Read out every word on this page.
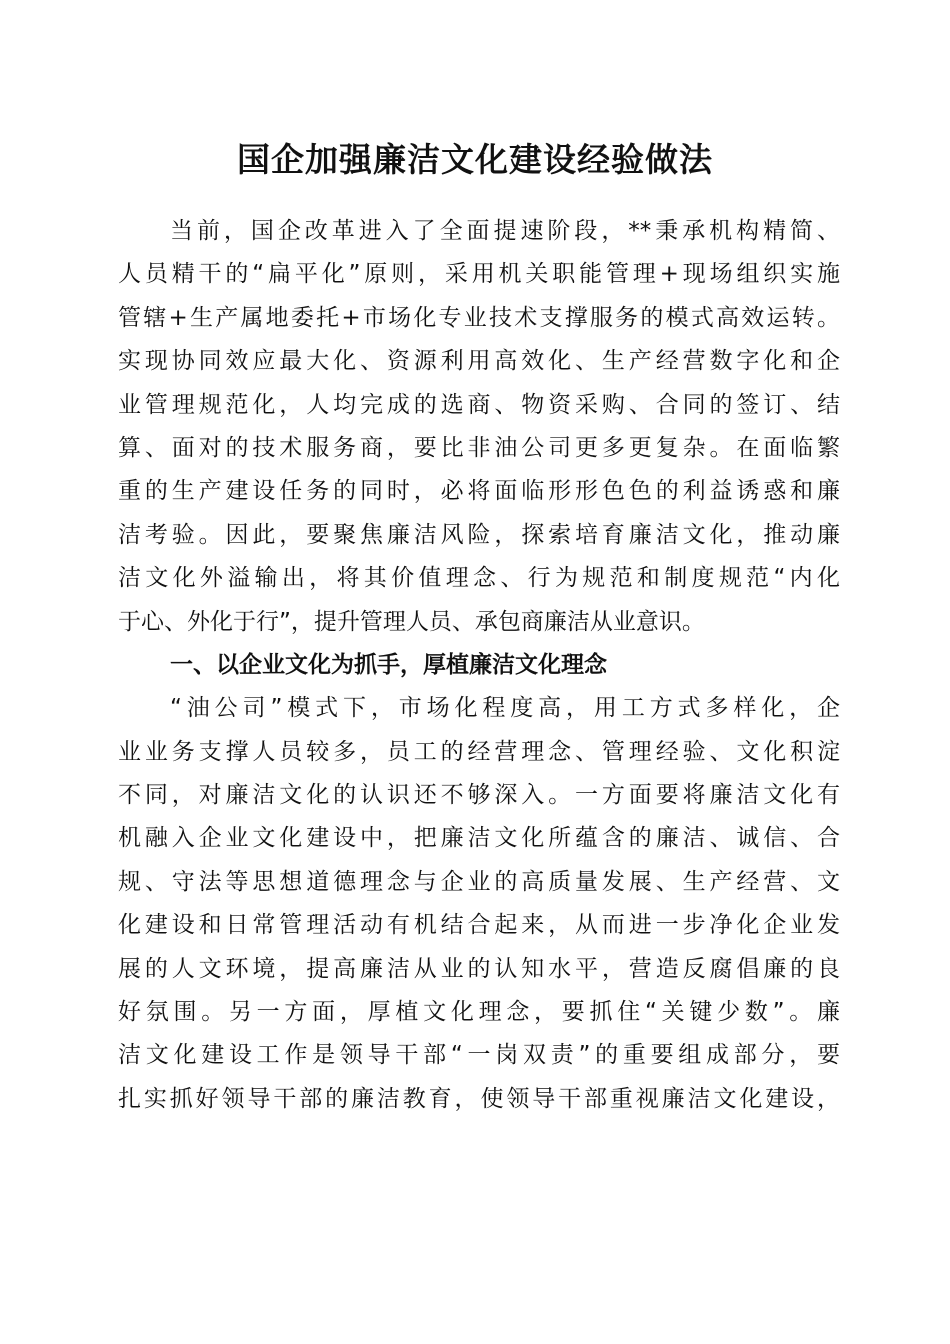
国企加强廉洁文化建设经验做法
当前，国企改革进入了全面提速阶段，**秉承机构精简、
人员精干的“扁平化”原则，采用机关职能管理+现场组织实施
管辖+生产属地委托+市场化专业技术支撑服务的模式高效运转。
实现协同效应最大化、资源利用高效化、生产经营数字化和企
业管理规范化，人均完成的选商、物资采购、合同的签订、结
算、面对的技术服务商，要比非油公司更多更复杂。在面临繁
重的生产建设任务的同时，必将面临形形色色的利益诱惑和廉
洁考验。因此，要聚焦廉洁风险，探索培育廉洁文化，推动廉
洁文化外溢输出，将其价值理念、行为规范和制度规范“内化
于心、外化于行”，提升管理人员、承包商廉洁从业意识。
一、以企业文化为抓手，厚植廉洁文化理念
“油公司”模式下，市场化程度高，用工方式多样化，企
业业务支撑人员较多，员工的经营理念、管理经验、文化积淀
不同，对廉洁文化的认识还不够深入。一方面要将廉洁文化有
机融入企业文化建设中，把廉洁文化所蕴含的廉洁、诚信、合
规、守法等思想道德理念与企业的高质量发展、生产经营、文
化建设和日常管理活动有机结合起来，从而进一步净化企业发
展的人文环境，提高廉洁从业的认知水平，营造反腐倡廉的良
好氛围。另一方面，厚植文化理念，要抓住“关键少数”。廉
洁文化建设工作是领导干部“一岗双责”的重要组成部分，要
扎实抓好领导干部的廉洁教育，使领导干部重视廉洁文化建设，
